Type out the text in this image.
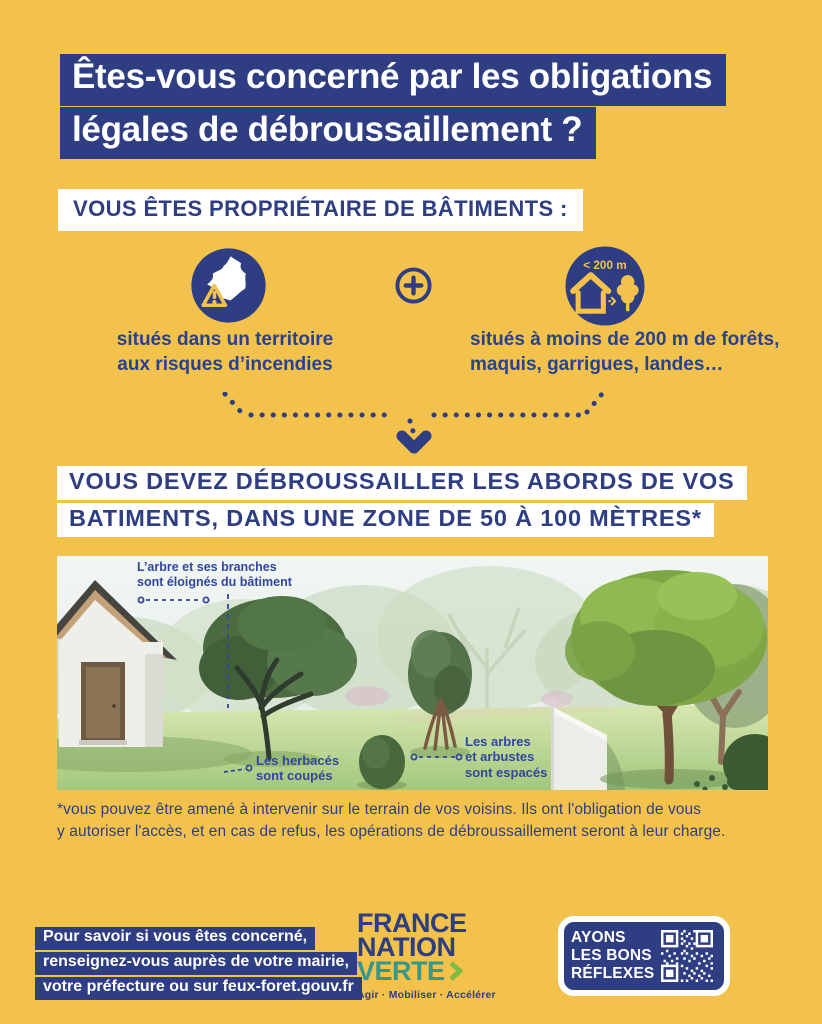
Êtes-vous concerné par les obligations
légales de débroussaillement ?
VOUS ÊTES PROPRIÉTAIRE DE BÂTIMENTS :
< 200 m
situés dans un territoire
aux risques d’incendies
situés à moins de 200 m de forêts,
maquis, garrigues, landes…
VOUS DEVEZ DÉBROUSSAILLER LES ABORDS DE VOS
BATIMENTS, DANS UNE ZONE DE 50 À 100 MÈTRES*
L’arbre et ses branches
sont éloignés du bâtiment
Les herbacés
sont coupés
Les arbres
et arbustes
sont espacés
*vous pouvez être amené à intervenir sur le terrain de vos voisins. Ils ont l'obligation de vous
y autoriser l'accès, et en cas de refus, les opérations de débroussaillement seront à leur charge.
Pour savoir si vous êtes concerné,
renseignez-vous auprès de votre mairie,
votre préfecture ou sur feux-foret.gouv.fr
FRANCE
NATION
VERTE
Agir · Mobiliser · Accélérer
AYONS
LES BONS
RÉFLEXES
